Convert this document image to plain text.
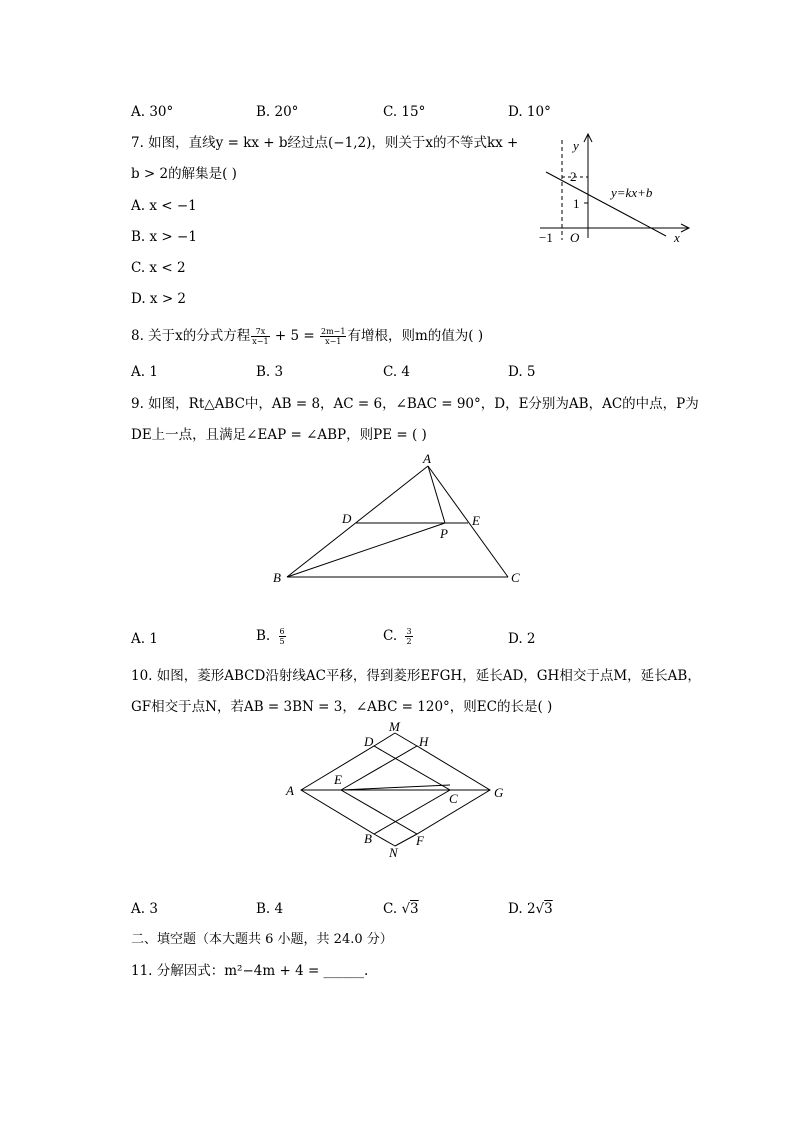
A. 30°	B. 20°	C. 15°	D. 10°
7. 如图，直线y = kx + b经过点(−1,2)，则关于x的不等式kx +
b > 2的解集是( )
A. x < −1
B. x > −1
C. x < 2
D. x > 2
y
2
1
−1 O
y=kx+b
x
8. 关于x的分式方程 $\frac{7x}{x-1} + 5 = \frac{2m-1}{x-1}$ 有增根，则m的值为( )
A. 1	B. 3	C. 4	D. 5
9. 如图，Rt△ABC中，AB = 8，AC = 6，∠BAC = 90°，D，E分别为AB，AC的中点，P为
DE上一点，且满足∠EAP = ∠ABP，则PE = ( )
A
D	E
P
B	C
A. 1	B. $\frac{6}{5}$	C. $\frac{3}{2}$	D. 2
10. 如图，菱形ABCD沿射线AC平移，得到菱形EFGH，延长AD，GH相交于点M，延长AB，
GF相交于点N，若AB = 3BN = 3，∠ABC = 120°，则EC的长是( )
M
D	H
A
E
C	G
B	F
N
A. 3	B. 4	C. √3	D. 2√3
二、填空题（本大题共 6 小题，共 24.0 分）
11. 分解因式：m²−4m + 4 = ______.
